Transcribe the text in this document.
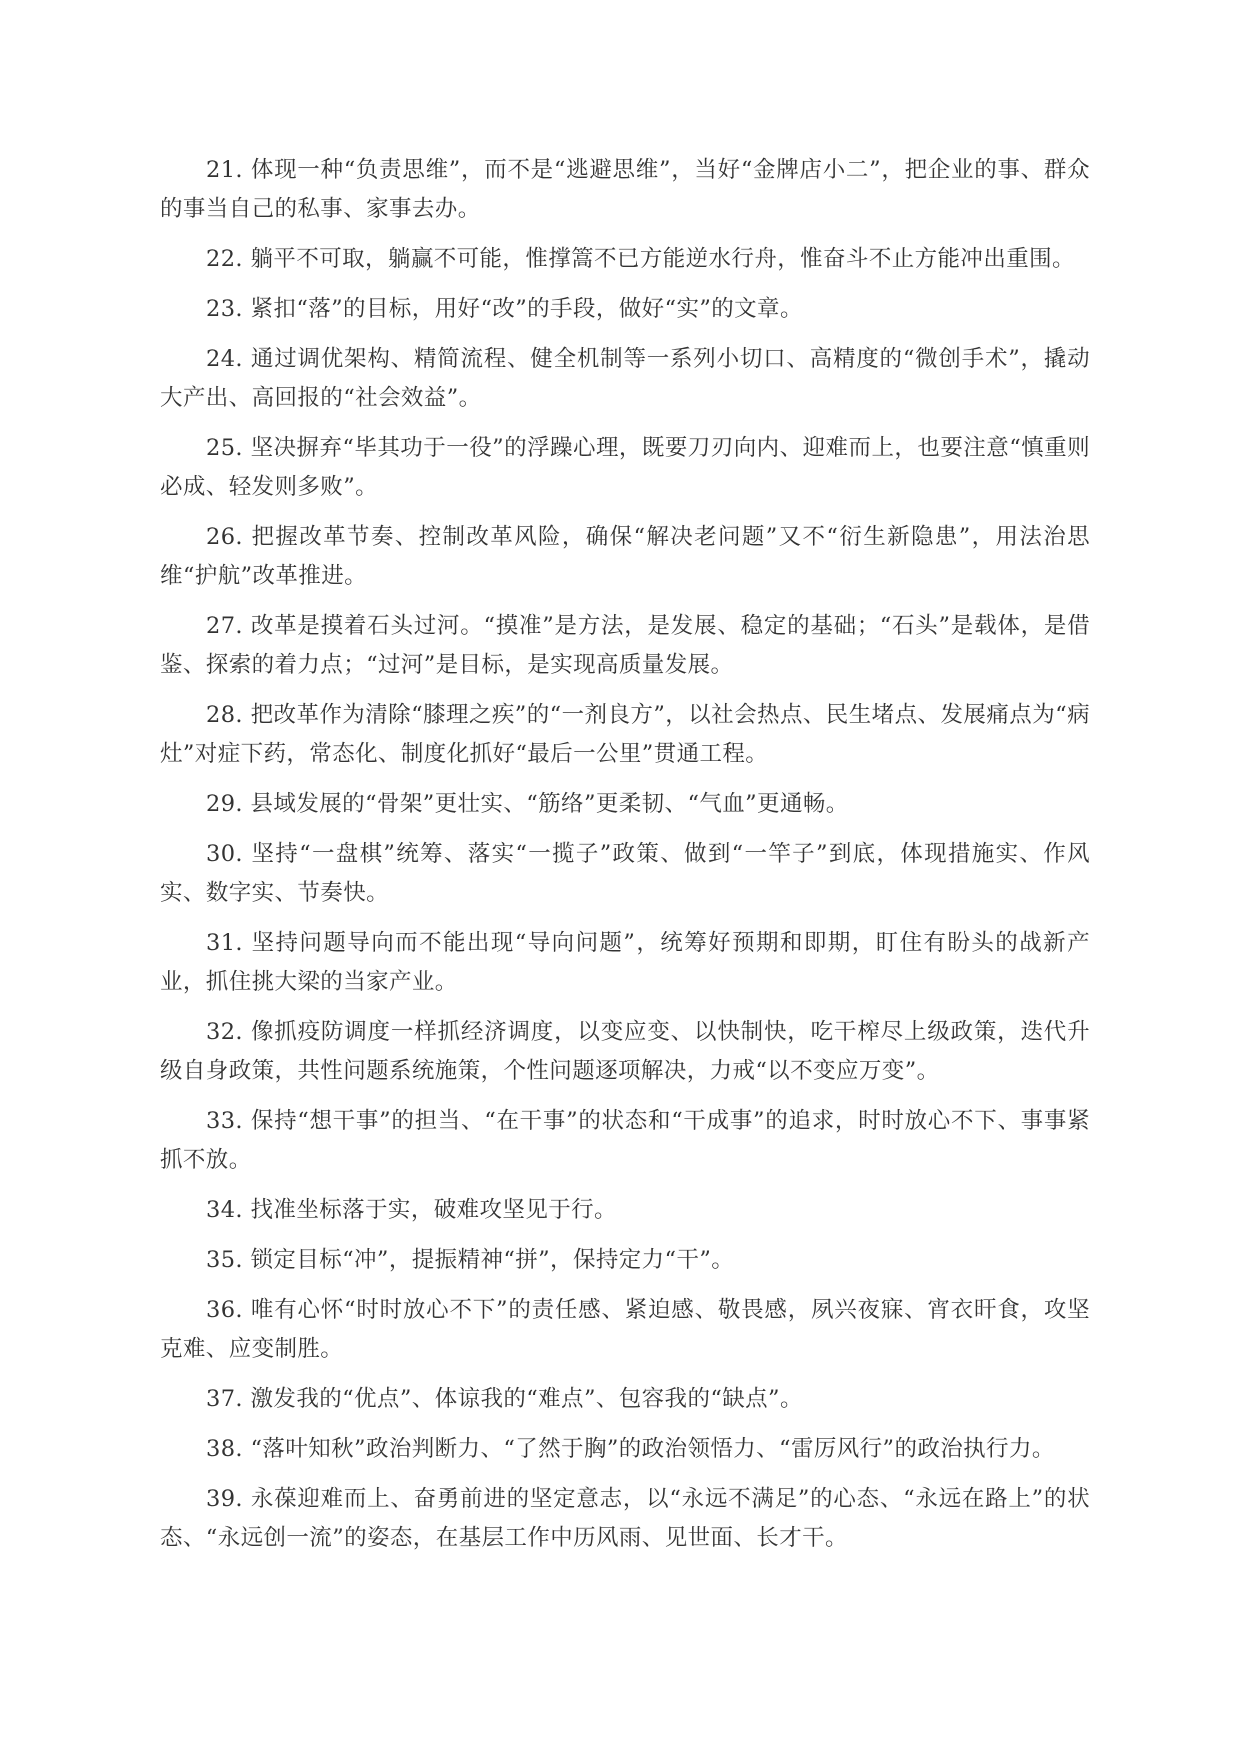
21. 体现一种“负责思维”，而不是“逃避思维”，当好“金牌店小二”，把企业的事、群众的事当自己的私事、家事去办。

22. 躺平不可取，躺赢不可能，惟撑篙不已方能逆水行舟，惟奋斗不止方能冲出重围。

23. 紧扣“落”的目标，用好“改”的手段，做好“实”的文章。

24. 通过调优架构、精简流程、健全机制等一系列小切口、高精度的“微创手术”，撬动大产出、高回报的“社会效益”。

25. 坚决摒弃“毕其功于一役”的浮躁心理，既要刀刃向内、迎难而上，也要注意“慎重则必成、轻发则多败”。

26. 把握改革节奏、控制改革风险，确保“解决老问题”又不“衍生新隐患”，用法治思维“护航”改革推进。

27. 改革是摸着石头过河。“摸准”是方法，是发展、稳定的基础；“石头”是载体，是借鉴、探索的着力点；“过河”是目标，是实现高质量发展。

28. 把改革作为清除“膝理之疾”的“一剂良方”，以社会热点、民生堵点、发展痛点为“病灶”对症下药，常态化、制度化抓好“最后一公里”贯通工程。

29. 县域发展的“骨架”更壮实、“筋络”更柔韧、“气血”更通畅。

30. 坚持“一盘棋”统筹、落实“一揽子”政策、做到“一竿子”到底，体现措施实、作风实、数字实、节奏快。

31. 坚持问题导向而不能出现“导向问题”，统筹好预期和即期，盯住有盼头的战新产业，抓住挑大梁的当家产业。

32. 像抓疫防调度一样抓经济调度，以变应变、以快制快，吃干榨尽上级政策，迭代升级自身政策，共性问题系统施策，个性问题逐项解决，力戒“以不变应万变”。

33. 保持“想干事”的担当、“在干事”的状态和“干成事”的追求，时时放心不下、事事紧抓不放。

34. 找准坐标落于实，破难攻坚见于行。

35. 锁定目标“冲”，提振精神“拼”，保持定力“干”。

36. 唯有心怀“时时放心不下”的责任感、紧迫感、敬畏感，夙兴夜寐、宵衣旰食，攻坚克难、应变制胜。

37. 激发我的“优点”、体谅我的“难点”、包容我的“缺点”。

38. “落叶知秋”政治判断力、“了然于胸”的政治领悟力、“雷厉风行”的政治执行力。

39. 永葆迎难而上、奋勇前进的坚定意志，以“永远不满足”的心态、“永远在路上”的状态、“永远创一流”的姿态，在基层工作中历风雨、见世面、长才干。
